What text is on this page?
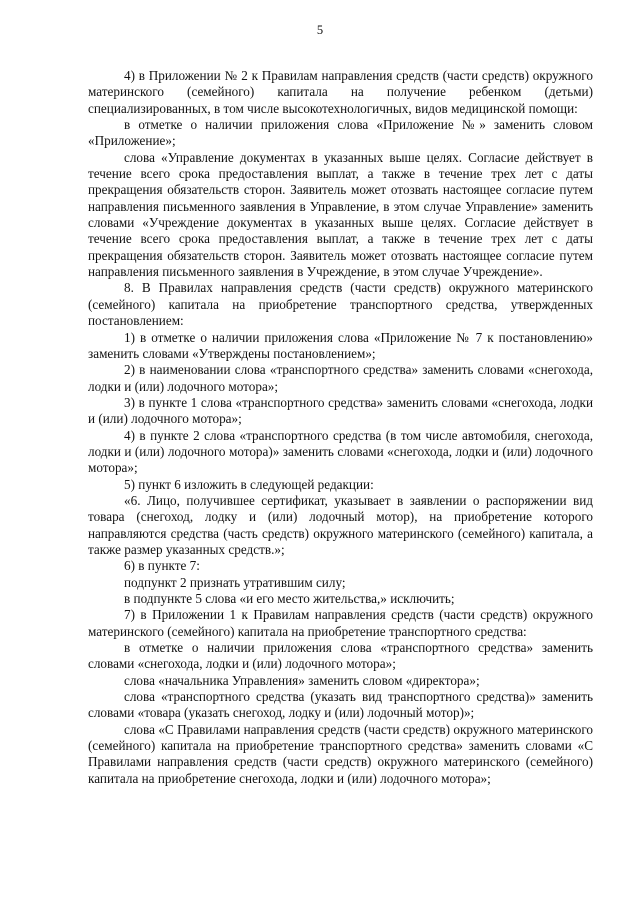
5

4) в Приложении № 2 к Правилам направления средств (части средств) окружного материнского (семейного) капитала на получение ребенком (детьми) специализированных, в том числе высокотехнологичных, видов медицинской помощи:

в отметке о наличии приложения слова «Приложение №» заменить словом «Приложение»;

слова «Управление документах в указанных выше целях. Согласие действует в течение всего срока предоставления выплат, а также в течение трех лет с даты прекращения обязательств сторон. Заявитель может отозвать настоящее согласие путем направления письменного заявления в Управление, в этом случае Управление» заменить словами «Учреждение документах в указанных выше целях. Согласие действует в течение всего срока предоставления выплат, а также в течение трех лет с даты прекращения обязательств сторон. Заявитель может отозвать настоящее согласие путем направления письменного заявления в Учреждение, в этом случае Учреждение».

8. В Правилах направления средств (части средств) окружного материнского (семейного) капитала на приобретение транспортного средства, утвержденных постановлением:

1) в отметке о наличии приложения слова «Приложение № 7 к постановлению» заменить словами «Утверждены постановлением»;

2) в наименовании слова «транспортного средства» заменить словами «снегохода, лодки и (или) лодочного мотора»;

3) в пункте 1 слова «транспортного средства» заменить словами «снегохода, лодки и (или) лодочного мотора»;

4) в пункте 2 слова «транспортного средства (в том числе автомобиля, снегохода, лодки и (или) лодочного мотора)» заменить словами «снегохода, лодки и (или) лодочного мотора»;

5) пункт 6 изложить в следующей редакции:

«6. Лицо, получившее сертификат, указывает в заявлении о распоряжении вид товара (снегоход, лодку и (или) лодочный мотор), на приобретение которого направляются средства (часть средств) окружного материнского (семейного) капитала, а также размер указанных средств.»;

6) в пункте 7:

подпункт 2 признать утратившим силу;

в подпункте 5 слова «и его место жительства,» исключить;

7) в Приложении 1 к Правилам направления средств (части средств) окружного материнского (семейного) капитала на приобретение транспортного средства:

в отметке о наличии приложения слова «транспортного средства» заменить словами «снегохода, лодки и (или) лодочного мотора»;

слова «начальника Управления» заменить словом «директора»;

слова «транспортного средства (указать вид транспортного средства)» заменить словами «товара (указать снегоход, лодку и (или) лодочный мотор)»;

слова «С Правилами направления средств (части средств) окружного материнского (семейного) капитала на приобретение транспортного средства» заменить словами «С Правилами направления средств (части средств) окружного материнского (семейного) капитала на приобретение снегохода, лодки и (или) лодочного мотора»;
